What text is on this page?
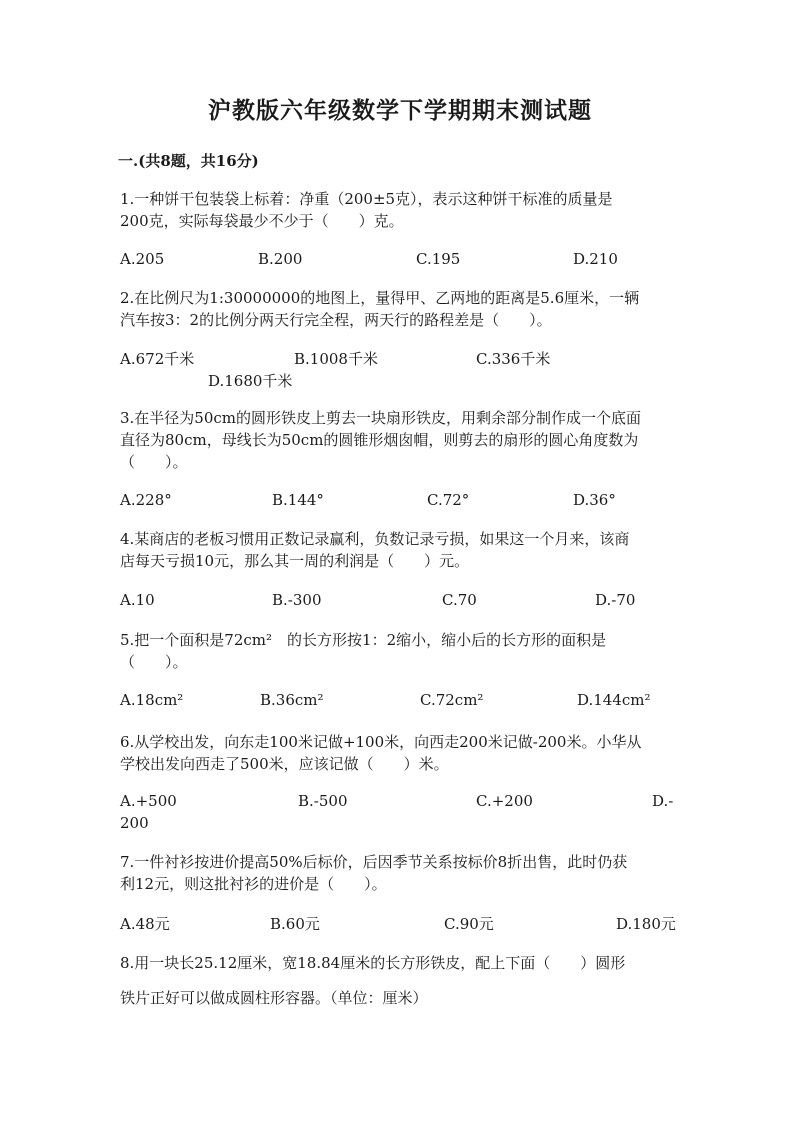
沪教版六年级数学下学期期末测试题
一.(共8题，共16分)
1.一种饼干包装袋上标着：净重（200±5克），表示这种饼干标准的质量是
200克，实际每袋最少不少于（　　）克。
A.205	B.200	C.195	D.210
2.在比例尺为1:30000000的地图上，量得甲、乙两地的距离是5.6厘米，一辆
汽车按3：2的比例分两天行完全程，两天行的路程差是（　　）。
A.672千米	B.1008千米	C.336千米
D.1680千米
3.在半径为50cm的圆形铁皮上剪去一块扇形铁皮，用剩余部分制作成一个底面
直径为80cm，母线长为50cm的圆锥形烟囱帽，则剪去的扇形的圆心角度数为
（　　）。
A.228°	B.144°	C.72°	D.36°
4.某商店的老板习惯用正数记录赢利，负数记录亏损，如果这一个月来，该商
店每天亏损10元，那么其一周的利润是（　　）元。
A.10	B.-300	C.70	D.-70
5.把一个面积是72cm²　的长方形按1：2缩小，缩小后的长方形的面积是
（　　）。
A.18cm²	B.36cm²	C.72cm²	D.144cm²
6.从学校出发，向东走100米记做+100米，向西走200米记做-200米。小华从
学校出发向西走了500米，应该记做（　　）米。
A.+500	B.-500	C.+200	D.-
200
7.一件衬衫按进价提高50%后标价，后因季节关系按标价8折出售，此时仍获
利12元，则这批衬衫的进价是（　　）。
A.48元	B.60元	C.90元	D.180元
8.用一块长25.12厘米，宽18.84厘米的长方形铁皮，配上下面（　　）圆形
铁片正好可以做成圆柱形容器。（单位：厘米）
